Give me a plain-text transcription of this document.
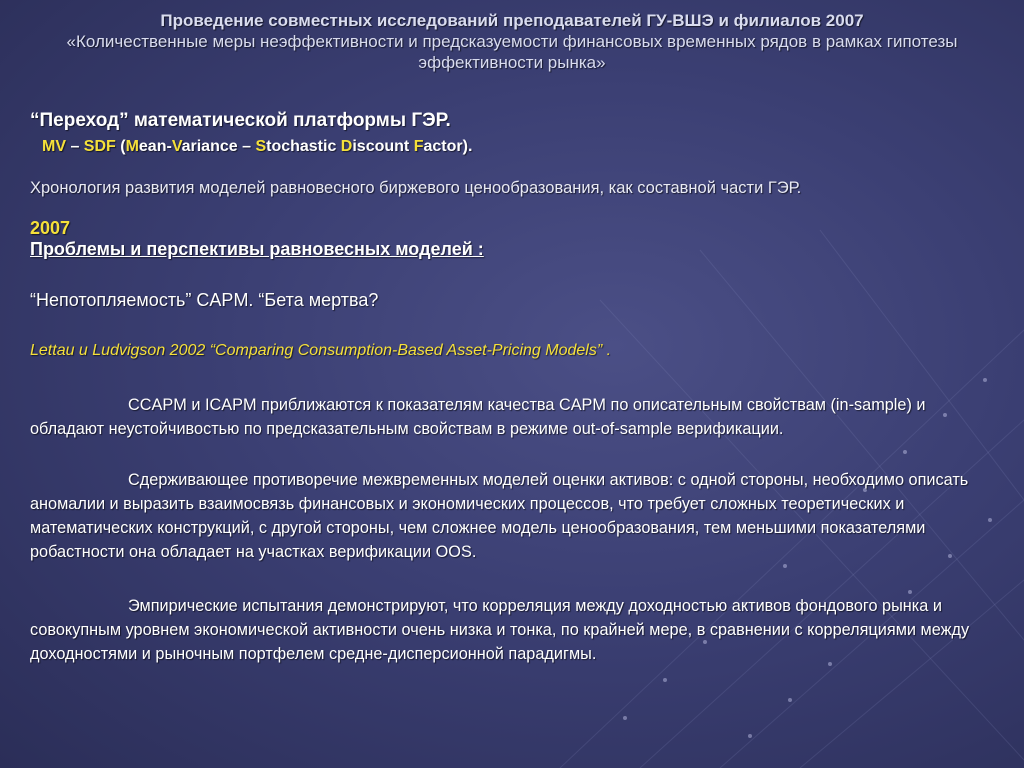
Проведение совместных исследований преподавателей ГУ-ВШЭ и филиалов 2007
«Количественные меры неэффективности и предсказуемости финансовых временных рядов в рамках гипотезы эффективности рынка»
“Переход” математической платформы ГЭР.
MV – SDF (Mean-Variance – Stochastic Discount Factor).
Хронология развития моделей равновесного биржевого ценообразования, как составной части ГЭР.
2007
Проблемы и перспективы равновесных моделей :
“Непотопляемость” CAPM. “Бета мертва?
Lettau и Ludvigson 2002 “Comparing Consumption-Based Asset-Pricing Models” .
CCAPM и ICAPM приближаются к показателям качества CAPM по описательным свойствам (in-sample) и обладают неустойчивостью по предсказательным свойствам в режиме out-of-sample верификации.
Сдерживающее противоречие межвременных моделей оценки активов: с одной стороны, необходимо описать аномалии и выразить взаимосвязь финансовых и экономических процессов, что требует сложных теоретических и математических конструкций, с другой стороны, чем сложнее модель ценообразования, тем меньшими показателями робастности она обладает на участках верификации OOS.
Эмпирические испытания демонстрируют, что корреляция между доходностью активов фондового рынка и совокупным уровнем экономической активности очень низка и тонка, по крайней мере, в сравнении с корреляциями между доходностями и рыночным портфелем средне-дисперсионной парадигмы.
